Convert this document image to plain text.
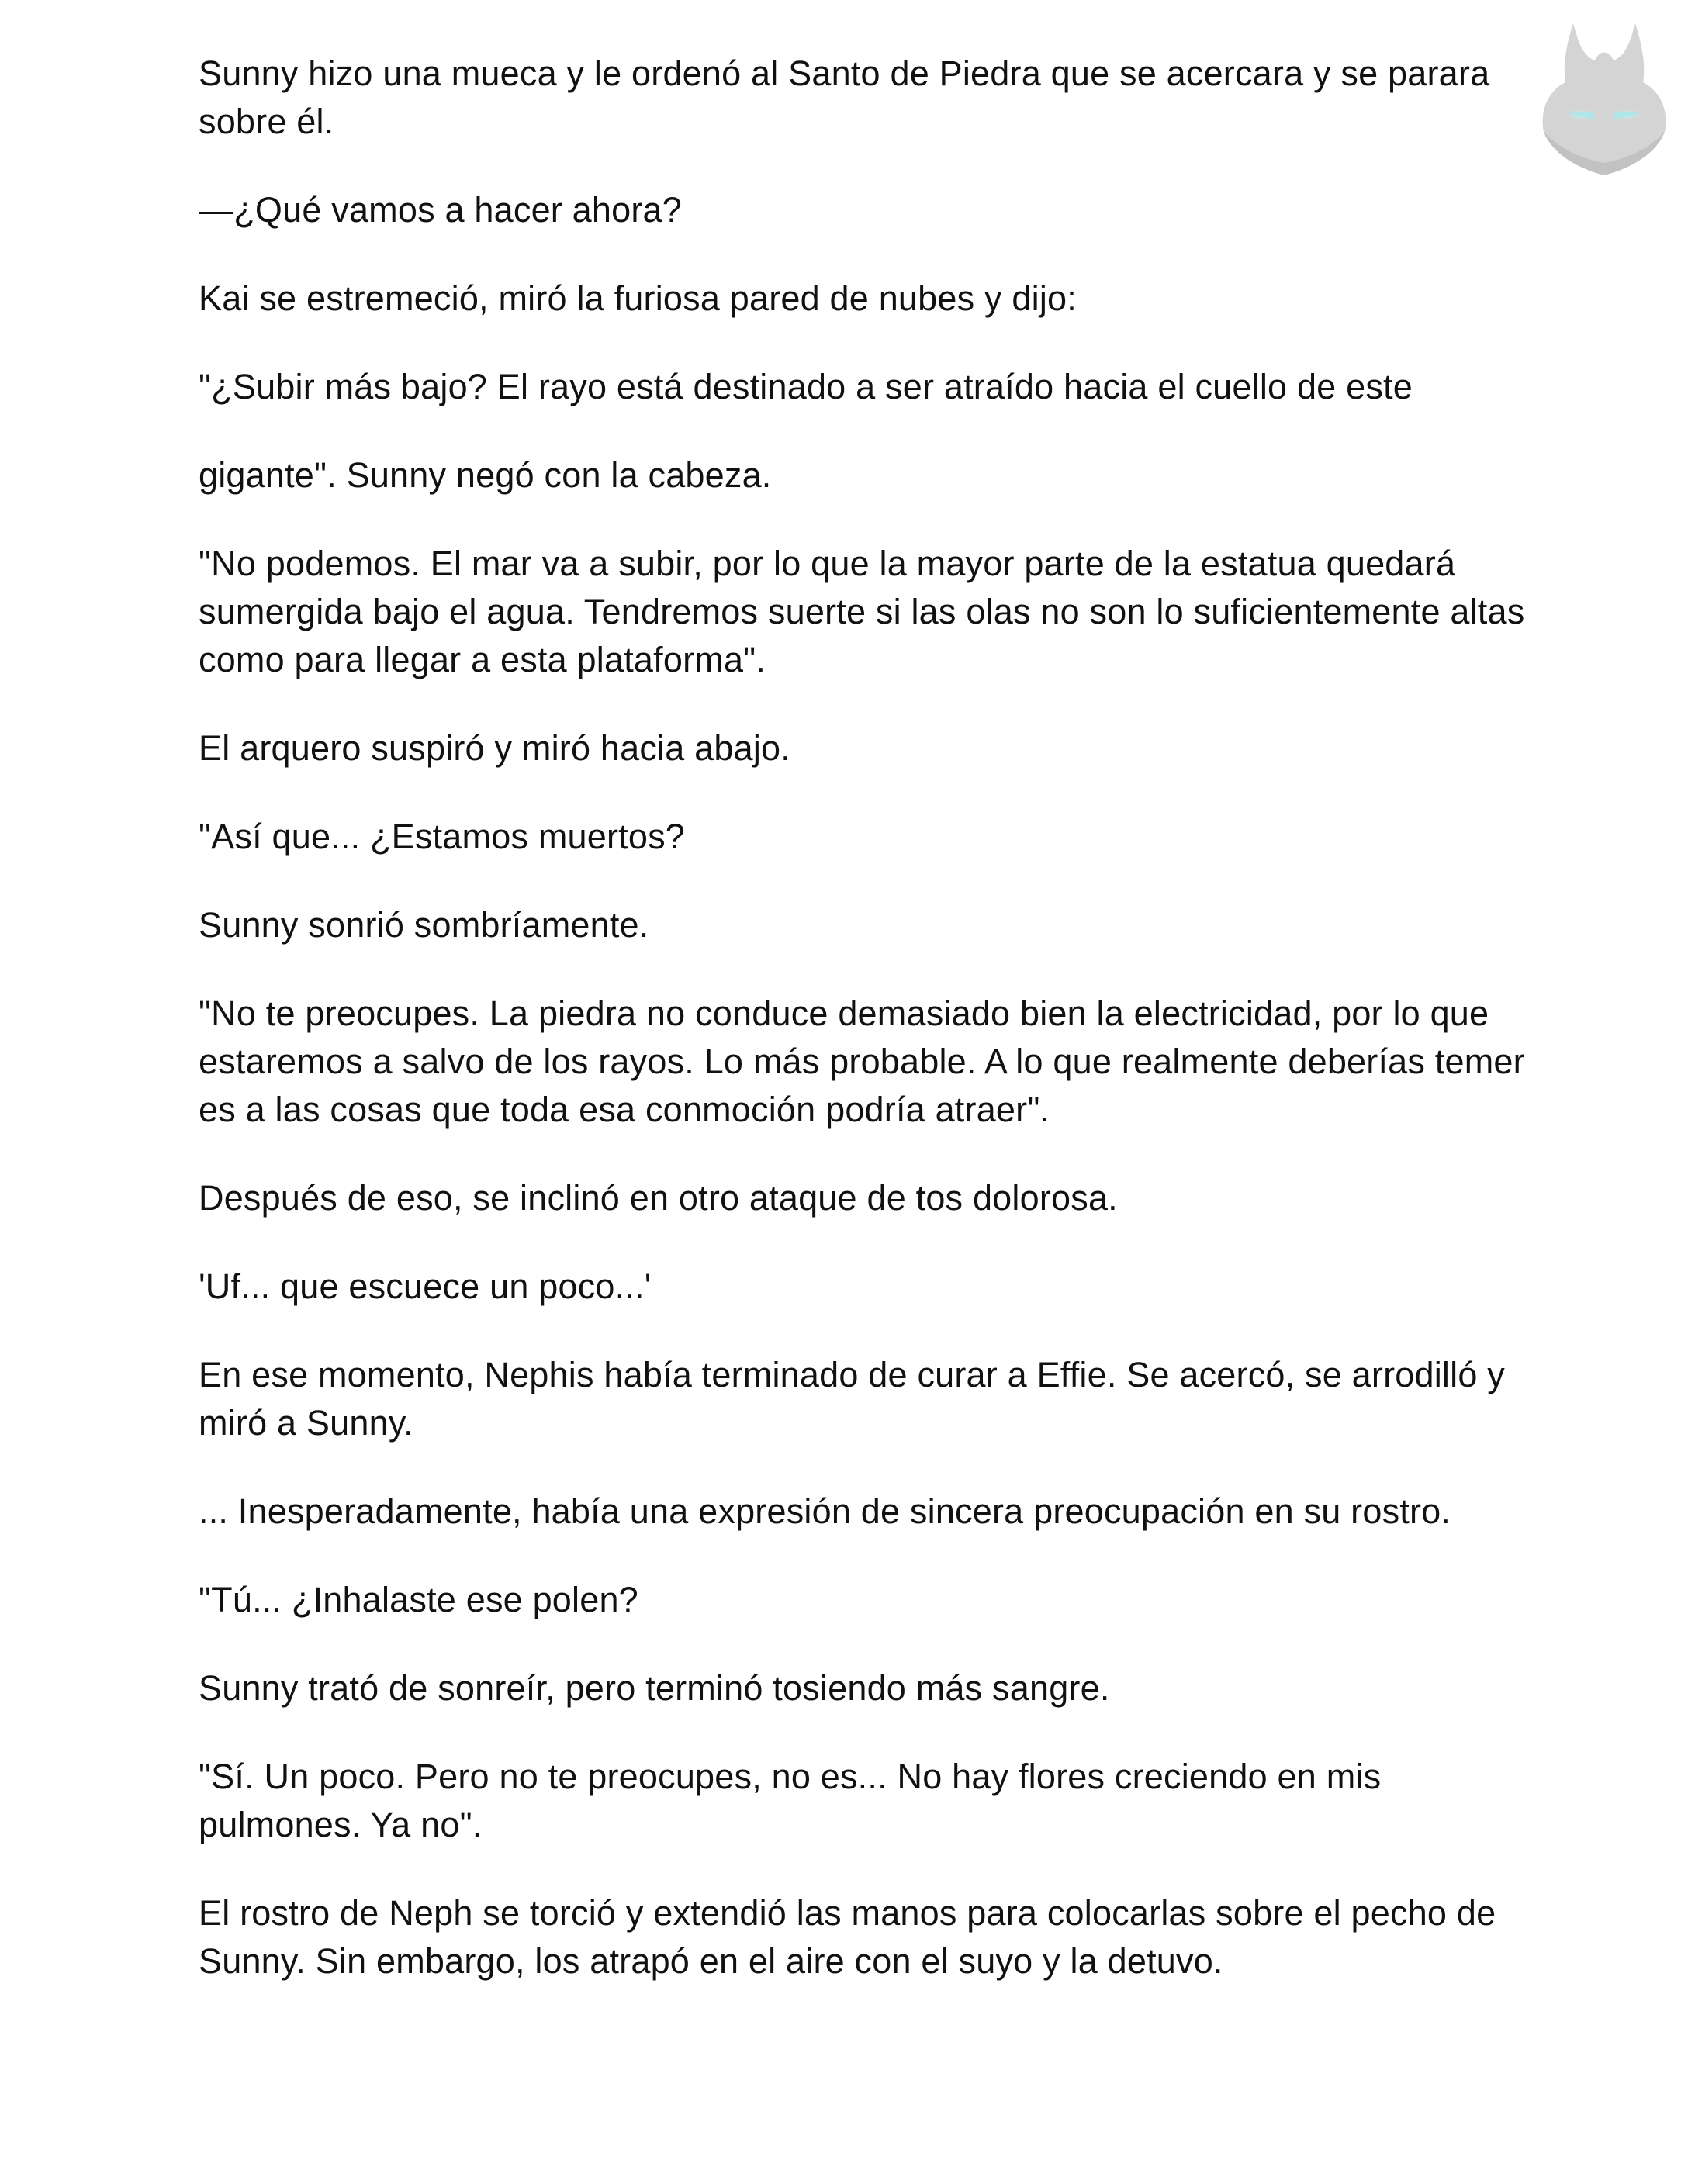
Sunny hizo una mueca y le ordenó al Santo de Piedra que se acercara y se parara sobre él.

—¿Qué vamos a hacer ahora?

Kai se estremeció, miró la furiosa pared de nubes y dijo:

"¿Subir más bajo? El rayo está destinado a ser atraído hacia el cuello de este

gigante". Sunny negó con la cabeza.

"No podemos. El mar va a subir, por lo que la mayor parte de la estatua quedará sumergida bajo el agua. Tendremos suerte si las olas no son lo suficientemente altas como para llegar a esta plataforma".

El arquero suspiró y miró hacia abajo.

"Así que... ¿Estamos muertos?

Sunny sonrió sombríamente.

"No te preocupes. La piedra no conduce demasiado bien la electricidad, por lo que estaremos a salvo de los rayos. Lo más probable. A lo que realmente deberías temer es a las cosas que toda esa conmoción podría atraer".

Después de eso, se inclinó en otro ataque de tos dolorosa.

'Uf... que escuece un poco...'

En ese momento, Nephis había terminado de curar a Effie. Se acercó, se arrodilló y miró a Sunny.

... Inesperadamente, había una expresión de sincera preocupación en su rostro.

"Tú... ¿Inhalaste ese polen?

Sunny trató de sonreír, pero terminó tosiendo más sangre.

"Sí. Un poco. Pero no te preocupes, no es... No hay flores creciendo en mis pulmones. Ya no".

El rostro de Neph se torció y extendió las manos para colocarlas sobre el pecho de Sunny. Sin embargo, los atrapó en el aire con el suyo y la detuvo.
